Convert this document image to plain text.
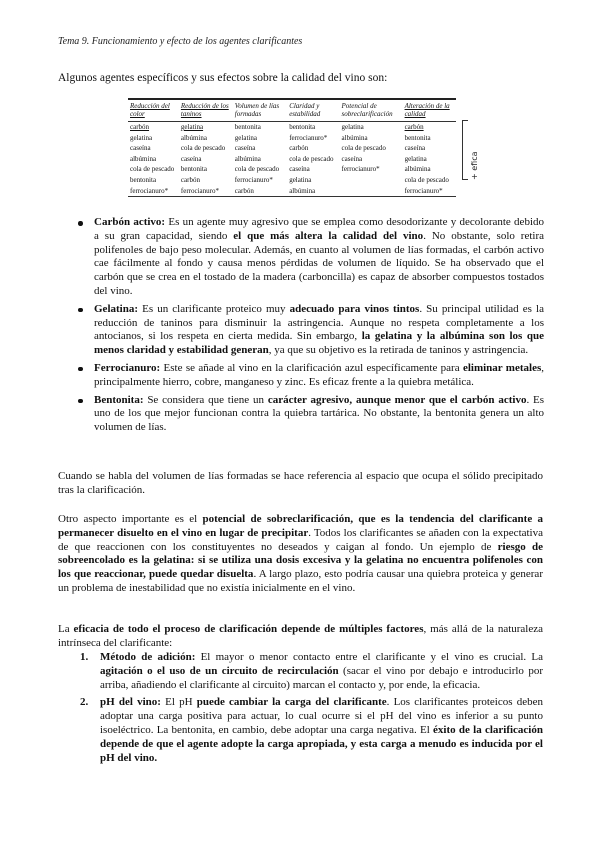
Tema 9. Funcionamiento y efecto de los agentes clarificantes
Algunos agentes específicos y sus efectos sobre la calidad del vino son:
Reducción del color	Reducción de los taninos	Volumen de lías formadas	Claridad y estabilidad	Potencial de sobreclarificación	Alteración de la calidad
carbón	gelatina	bentonita	bentonita	gelatina	carbón
gelatina	albúmina	gelatina	ferrocianuro*	albúmina	bentonita
caseína	cola de pescado	caseína	carbón	cola de pescado	caseína
albúmina	caseína	albúmina	cola de pescado	caseína	gelatina
cola de pescado	bentonita	cola de pescado	caseína	ferrocianuro*	albúmina
bentonita	carbón	ferrocianuro*	gelatina		cola de pescado
ferrocianuro*	ferrocianuro*	carbón	albúmina		ferrocianuro*
+ efica
Carbón activo: Es un agente muy agresivo que se emplea como desodorizante y decolorante debido a su gran capacidad, siendo el que más altera la calidad del vino. No obstante, solo retira polifenoles de bajo peso molecular. Además, en cuanto al volumen de lías formadas, el carbón activo cae fácilmente al fondo y causa menos pérdidas de volumen de líquido. Se ha observado que el carbón que se crea en el tostado de la madera (carboncilla) es capaz de absorber compuestos tostados del vino.
Gelatina: Es un clarificante proteico muy adecuado para vinos tintos. Su principal utilidad es la reducción de taninos para disminuir la astringencia. Aunque no respeta completamente a los antocianos, si los respeta en cierta medida. Sin embargo, la gelatina y la albúmina son los que menos claridad y estabilidad generan, ya que su objetivo es la retirada de taninos y astringencia.
Ferrocianuro: Este se añade al vino en la clarificación azul específicamente para eliminar metales, principalmente hierro, cobre, manganeso y zinc. Es eficaz frente a la quiebra metálica.
Bentonita: Se considera que tiene un carácter agresivo, aunque menor que el carbón activo. Es uno de los que mejor funcionan contra la quiebra tartárica. No obstante, la bentonita genera un alto volumen de lías.

Cuando se habla del volumen de lías formadas se hace referencia al espacio que ocupa el sólido precipitado tras la clarificación.

Otro aspecto importante es el potencial de sobreclarificación, que es la tendencia del clarificante a permanecer disuelto en el vino en lugar de precipitar. Todos los clarificantes se añaden con la expectativa de que reaccionen con los constituyentes no deseados y caigan al fondo. Un ejemplo de riesgo de sobreencolado es la gelatina: si se utiliza una dosis excesiva y la gelatina no encuentra polifenoles con los que reaccionar, puede quedar disuelta. A largo plazo, esto podría causar una quiebra proteica y generar un problema de inestabilidad que no existía inicialmente en el vino.

La eficacia de todo el proceso de clarificación depende de múltiples factores, más allá de la naturaleza intrínseca del clarificante:

1. Método de adición: El mayor o menor contacto entre el clarificante y el vino es crucial. La agitación o el uso de un circuito de recirculación (sacar el vino por debajo e introducirlo por arriba, añadiendo el clarificante al circuito) marcan el contacto y, por ende, la eficacia.
2. pH del vino: El pH puede cambiar la carga del clarificante. Los clarificantes proteicos deben adoptar una carga positiva para actuar, lo cual ocurre si el pH del vino es inferior a su punto isoeléctrico. La bentonita, en cambio, debe adoptar una carga negativa. El éxito de la clarificación depende de que el agente adopte la carga apropiada, y esta carga a menudo es inducida por el pH del vino.
